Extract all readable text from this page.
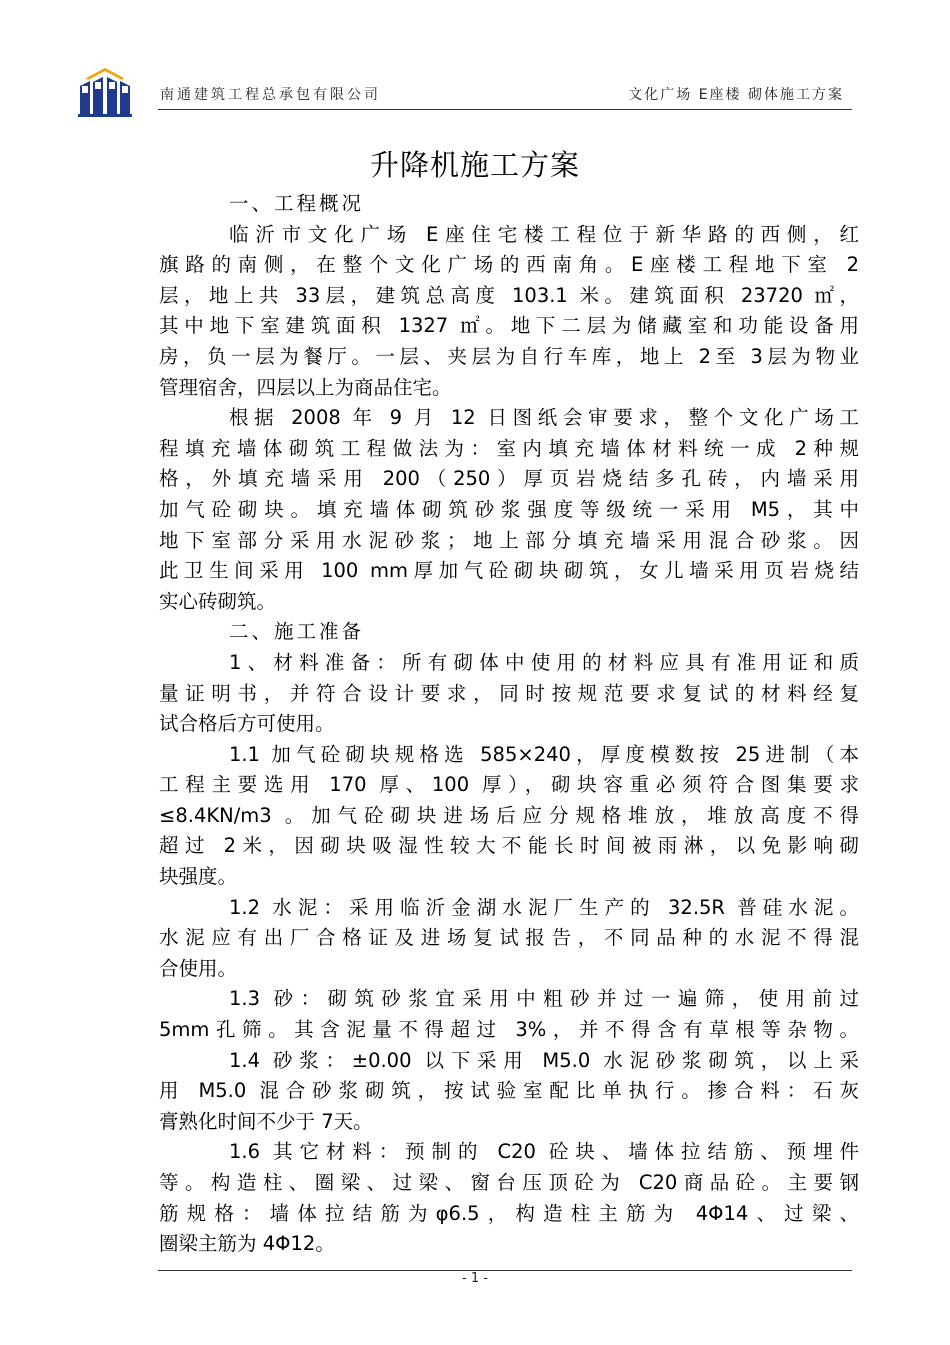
南通建筑工程总承包有限公司	文化广场 E座楼 砌体施工方案
升降机施工方案
一、工程概况
临沂市文化广场 E座住宅楼工程位于新华路的西侧，红
旗路的南侧，在整个文化广场的西南角。E座楼工程地下室 2
层，地上共 33层，建筑总高度 103.1 米。建筑面积 23720 ㎡，
其中地下室建筑面积 1327 ㎡。地下二层为储藏室和功能设备用
房，负一层为餐厅。一层、夹层为自行车库，地上 2至 3层为物业
管理宿舍，四层以上为商品住宅。
根据 2008 年 9 月 12 日图纸会审要求，整个文化广场工
程填充墙体砌筑工程做法为：室内填充墙体材料统一成 2种规
格，外填充墙采用 200（250）厚页岩烧结多孔砖，内墙采用
加气砼砌块。填充墙体砌筑砂浆强度等级统一采用 M5，其中
地下室部分采用水泥砂浆；地上部分填充墙采用混合砂浆。因
此卫生间采用 100 mm厚加气砼砌块砌筑，女儿墙采用页岩烧结
实心砖砌筑。
二、施工准备
1、材料准备：所有砌体中使用的材料应具有准用证和质
量证明书，并符合设计要求，同时按规范要求复试的材料经复
试合格后方可使用。
1.1 加气砼砌块规格选 585×240，厚度模数按 25进制（本
工程主要选用 170 厚、100 厚），砌块容重必须符合图集要求
≤8.4KN/m3 。加气砼砌块进场后应分规格堆放，堆放高度不得
超过 2米，因砌块吸湿性较大不能长时间被雨淋，以免影响砌
块强度。
1.2 水泥：采用临沂金湖水泥厂生产的 32.5R 普硅水泥。
水泥应有出厂合格证及进场复试报告，不同品种的水泥不得混
合使用。
1.3 砂：砌筑砂浆宜采用中粗砂并过一遍筛，使用前过
5mm孔筛。其含泥量不得超过 3%，并不得含有草根等杂物。
1.4 砂浆：±0.00 以下采用 M5.0 水泥砂浆砌筑，以上采
用 M5.0 混合砂浆砌筑，按试验室配比单执行。掺合料：石灰
膏熟化时间不少于 7天。
1.6 其它材料：预制的 C20 砼块、墙体拉结筋、预埋件
等。构造柱、圈梁、过梁、窗台压顶砼为 C20商品砼。主要钢
筋规格：墙体拉结筋为φ6.5，构造柱主筋为 4Φ14、过梁、
圈梁主筋为 4Φ12。
- 1 -
